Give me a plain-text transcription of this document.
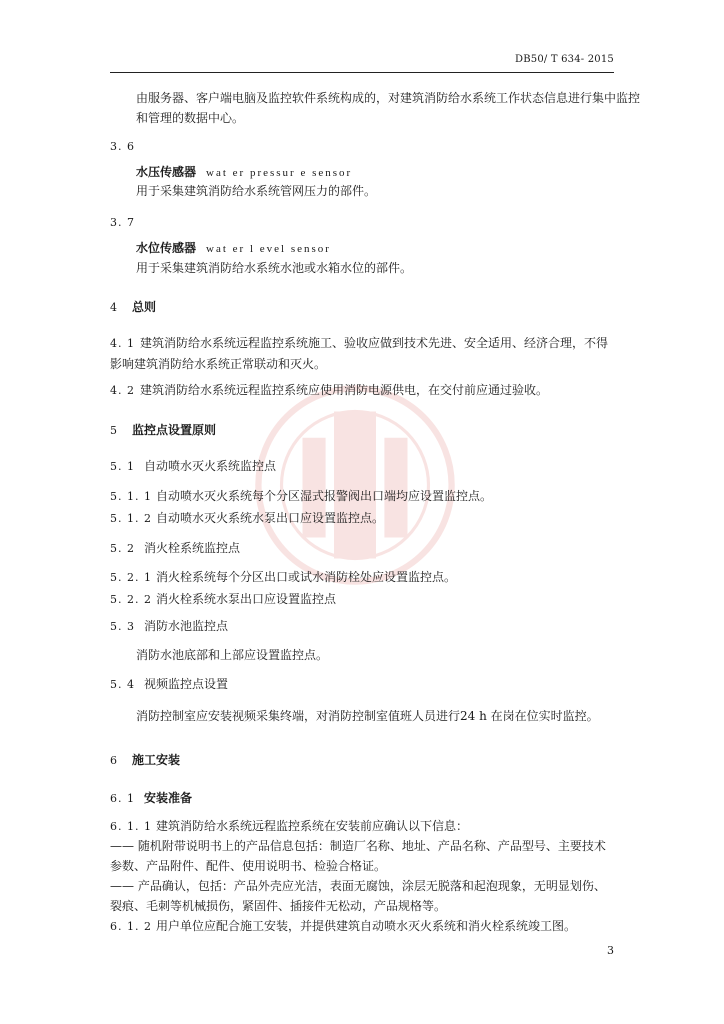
DB50/ T 634- 2015
由服务器、客户端电脑及监控软件系统构成的，对建筑消防给水系统工作状态信息进行集中监控和管理的数据中心。
3. 6
水压传感器 wat er pressur e sensor
用于采集建筑消防给水系统管网压力的部件。
3. 7
水位传感器 wat er l evel sensor
用于采集建筑消防给水系统水池或水箱水位的部件。
4 总则
4. 1 建筑消防给水系统远程监控系统施工、验收应做到技术先进、安全适用、经济合理，不得影响建筑消防给水系统正常联动和灭火。
4. 2 建筑消防给水系统远程监控系统应使用消防电源供电，在交付前应通过验收。
5 监控点设置原则
5. 1 自动喷水灭火系统监控点
5. 1. 1 自动喷水灭火系统每个分区湿式报警阀出口端均应设置监控点。
5. 1. 2 自动喷水灭火系统水泵出口应设置监控点。
5. 2 消火栓系统监控点
5. 2. 1 消火栓系统每个分区出口或试水消防栓处应设置监控点。
5. 2. 2 消火栓系统水泵出口应设置监控点
5. 3 消防水池监控点
消防水池底部和上部应设置监控点。
5. 4 视频监控点设置
消防控制室应安装视频采集终端，对消防控制室值班人员进行24 h 在岗在位实时监控。
6 施工安装
6. 1 安装准备
6. 1. 1 建筑消防给水系统远程监控系统在安装前应确认以下信息：
—— 随机附带说明书上的产品信息包括：制造厂名称、地址、产品名称、产品型号、主要技术参数、产品附件、配件、使用说明书、检验合格证。
—— 产品确认，包括：产品外壳应光洁，表面无腐蚀，涂层无脱落和起泡现象，无明显划伤、裂痕、毛刺等机械损伤，紧固件、插接件无松动，产品规格等。
6. 1. 2 用户单位应配合施工安装，并提供建筑自动喷水灭火系统和消火栓系统竣工图。
3
